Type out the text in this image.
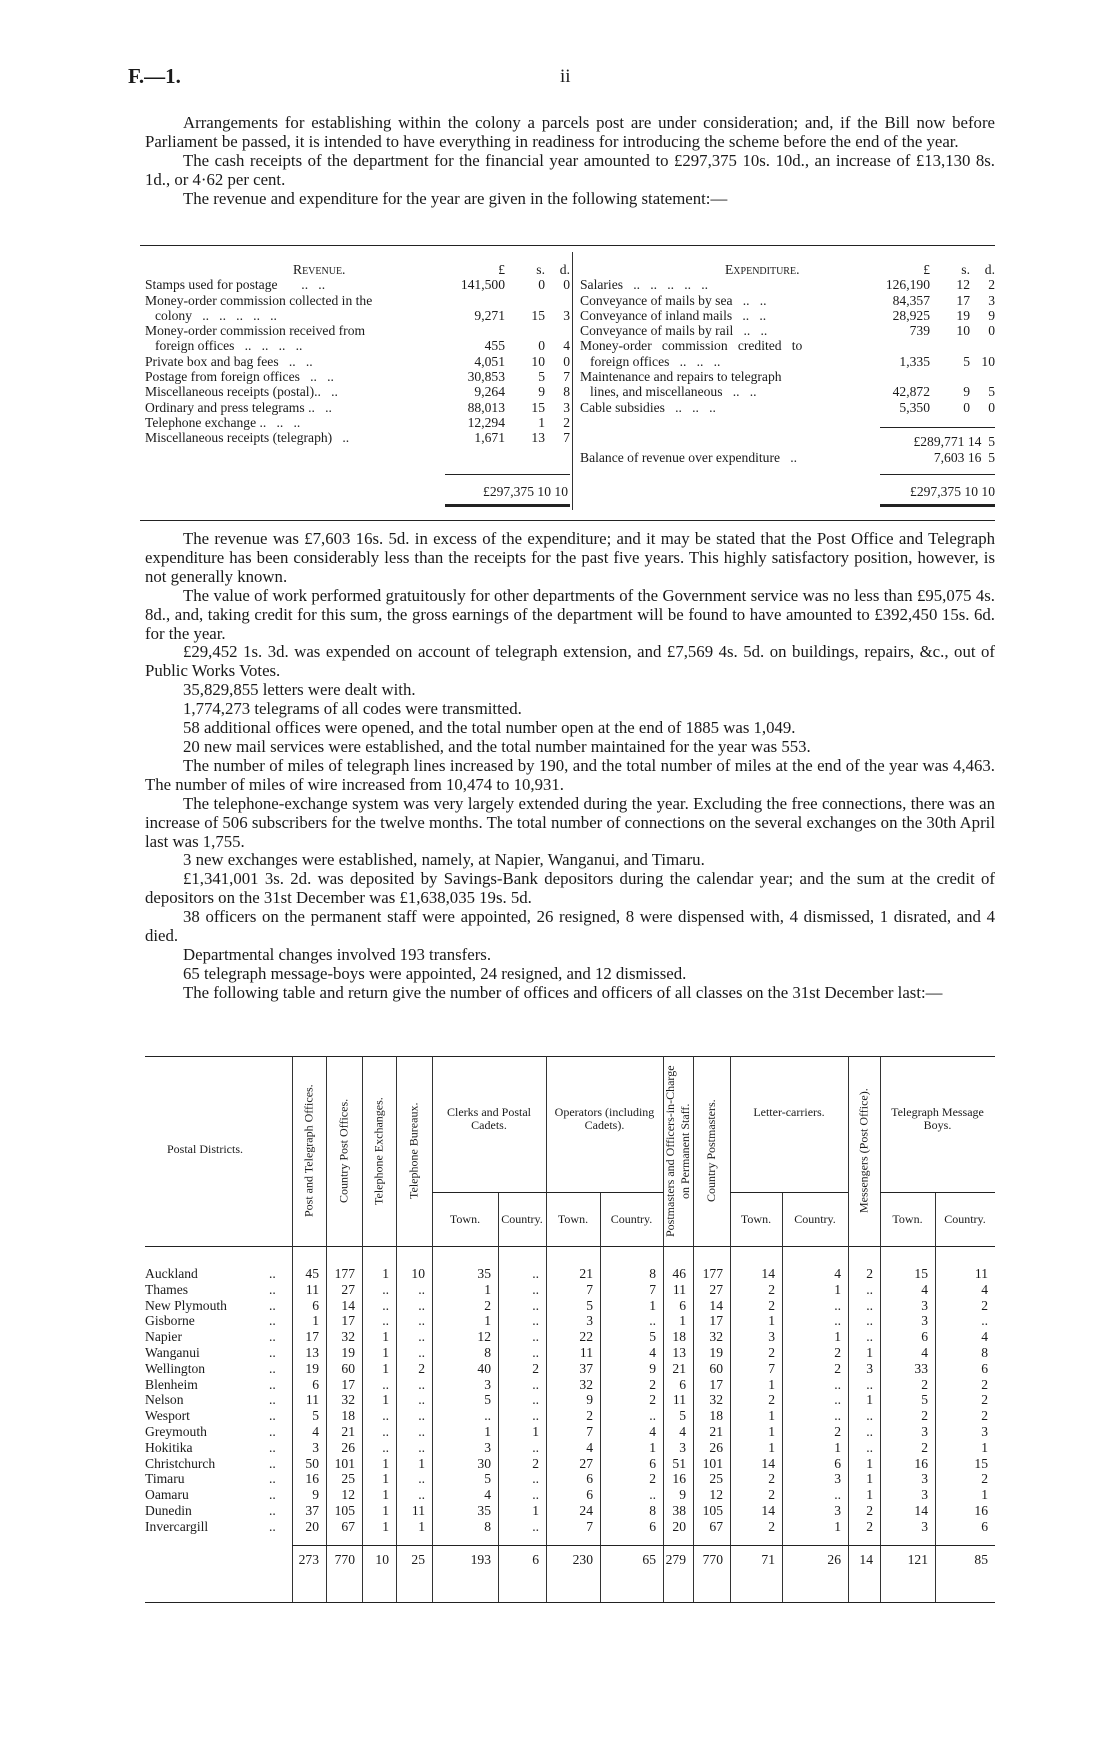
F.—1.	ii

Arrangements for establishing within the colony a parcels post are under consideration; and, if the Bill now before Parliament be passed, it is intended to have everything in readiness for introducing the scheme before the end of the year.

The cash receipts of the department for the financial year amounted to £297,375 10s. 10d., an increase of £13,130 8s. 1d., or 4·62 per cent.

The revenue and expenditure for the year are given in the following statement:—

Revenue.	£	s.	d.
Stamps used for postage       ..   ..	141,500	0	0
Money-order commission collected in the
colony   ..   ..   ..   ..   ..	9,271	15	3
Money-order commission received from
foreign offices   ..   ..   ..   ..	455	0	4
Private box and bag fees   ..   ..	4,051	10	0
Postage from foreign offices   ..   ..	30,853	5	7
Miscellaneous receipts (postal)..   ..	9,264	9	8
Ordinary and press telegrams ..   ..	88,013	15	3
Telephone exchange ..   ..   ..	12,294	1	2
Miscellaneous receipts (telegraph)   ..	1,671	13	7
£297,375 10 10
Expenditure.	£	s.	d.
Salaries   ..   ..   ..   ..   ..	126,190	12	2
Conveyance of mails by sea   ..   ..	84,357	17	3
Conveyance of inland mails   ..   ..	28,925	19	9
Conveyance of mails by rail   ..   ..	739	10	0
Money-order   commission   credited   to
foreign offices   ..   ..   ..	1,335	5 10
Maintenance and repairs to telegraph
lines, and miscellaneous   ..   ..	42,872	9	5
Cable subsidies   ..   ..   ..	5,350	0	0
£289,771 14  5
Balance of revenue over expenditure   ..	7,603 16  5
£297,375 10 10

The revenue was £7,603 16s. 5d. in excess of the expenditure; and it may be stated that the Post Office and Telegraph expenditure has been considerably less than the receipts for the past five years. This highly satisfactory position, however, is not generally known.

The value of work performed gratuitously for other departments of the Government service was no less than £95,075 4s. 8d., and, taking credit for this sum, the gross earnings of the department will be found to have amounted to £392,450 15s. 6d. for the year.

£29,452 1s. 3d. was expended on account of telegraph extension, and £7,569 4s. 5d. on buildings, repairs, &c., out of Public Works Votes.

35,829,855 letters were dealt with.

1,774,273 telegrams of all codes were transmitted.

58 additional offices were opened, and the total number open at the end of 1885 was 1,049.

20 new mail services were established, and the total number maintained for the year was 553.

The number of miles of telegraph lines increased by 190, and the total number of miles at the end of the year was 4,463. The number of miles of wire increased from 10,474 to 10,931.

The telephone-exchange system was very largely extended during the year. Excluding the free connections, there was an increase of 506 subscribers for the twelve months. The total number of connections on the several exchanges on the 30th April last was 1,755.

3 new exchanges were established, namely, at Napier, Wanganui, and Timaru.

£1,341,001 3s. 2d. was deposited by Savings-Bank depositors during the calendar year; and the sum at the credit of depositors on the 31st December was £1,638,035 19s. 5d.

38 officers on the permanent staff were appointed, 26 resigned, 8 were dispensed with, 4 dismissed, 1 disrated, and 4 died.

Departmental changes involved 193 transfers.

65 telegraph message-boys were appointed, 24 resigned, and 12 dismissed.

The following table and return give the number of offices and officers of all classes on the 31st December last:—

Postal Districts.	Post and Telegraph Offices.	Country Post Offices.	Telephone Exchanges.	Telephone Bureaux.	Postmasters and Officers-in-Charge on Permanent Staff.	Country Postmasters.	Messengers (Post Office).
Clerks and Postal Cadets.
Operators (including Cadets).
Letter-carriers.	Telegraph Message Boys.
Town.	Country.	Town.	Country.	Town.	Country.	Town.	Country.
Auckland	..	45	177	1	10	35	..	21	8	46	177	14	4	2	15	11
Thames	..	11	27	..	..	1	..	7	7	11	27	2	1	..	4	4
New Plymouth	..	6	14	..	..	2	..	5	1	6	14	2	..	..	3	2
Gisborne	..	1	17	..	..	1	..	3	..	1	17	1	..	..	3	..
Napier	..	17	32	1	..	12	..	22	5	18	32	3	1	..	6	4
Wanganui	..	13	19	1	..	8	..	11	4	13	19	2	2	1	4	8
Wellington	..	19	60	1	2	40	2	37	9	21	60	7	2	3	33	6
Blenheim	..	6	17	..	..	3	..	32	2	6	17	1	..	..	2	2
Nelson	..	11	32	1	..	5	..	9	2	11	32	2	..	1	5	2
Wesport	..	5	18	..	..	..	..	2	..	5	18	1	..	..	2	2
Greymouth	..	4	21	..	..	1	1	7	4	4	21	1	2	..	3	3
Hokitika	..	3	26	..	..	3	..	4	1	3	26	1	1	..	2	1
Christchurch	..	50	101	1	1	30	2	27	6	51	101	14	6	1	16	15
Timaru	..	16	25	1	..	5	..	6	2	16	25	2	3	1	3	2
Oamaru	..	9	12	1	..	4	..	6	..	9	12	2	..	1	3	1
Dunedin	..	37	105	1	11	35	1	24	8	38	105	14	3	2	14	16
Invercargill	..	20	67	1	1	8	..	7	6	20	67	2	1	2	3	6
273	770	10	25	193	6	230	65 279	770	71	26	14	121	85
